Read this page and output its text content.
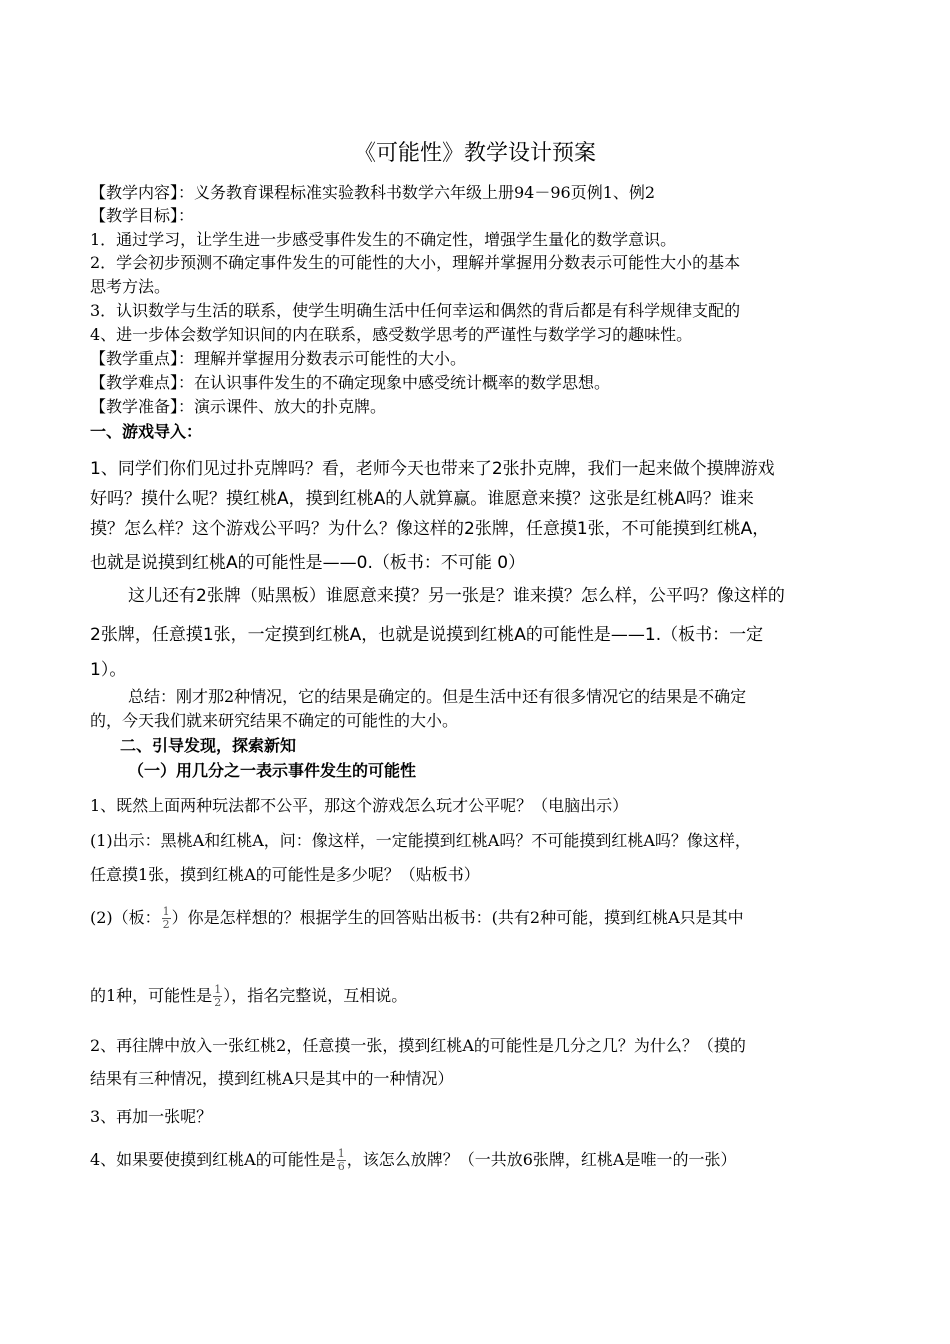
《可能性》教学设计预案
【教学内容】：义务教育课程标准实验教科书数学六年级上册94－96页例1、例2
【教学目标】：
1．通过学习，让学生进一步感受事件发生的不确定性，增强学生量化的数学意识。
2．学会初步预测不确定事件发生的可能性的大小，理解并掌握用分数表示可能性大小的基本
思考方法。
3．认识数学与生活的联系，使学生明确生活中任何幸运和偶然的背后都是有科学规律支配的
4、进一步体会数学知识间的内在联系，感受数学思考的严谨性与数学学习的趣味性。
【教学重点】：理解并掌握用分数表示可能性的大小。
【教学难点】：在认识事件发生的不确定现象中感受统计概率的数学思想。
【教学准备】：演示课件、放大的扑克牌。
一、游戏导入：
1、同学们你们见过扑克牌吗？看，老师今天也带来了2张扑克牌，我们一起来做个摸牌游戏
好吗？摸什么呢？摸红桃A，摸到红桃A的人就算赢。谁愿意来摸？这张是红桃A吗？谁来
摸？怎么样？这个游戏公平吗？为什么？像这样的2张牌，任意摸1张，不可能摸到红桃A，
也就是说摸到红桃A的可能性是——0.（板书：不可能 0）
这儿还有2张牌（贴黑板）谁愿意来摸？另一张是？谁来摸？怎么样，公平吗？像这样的
2张牌，任意摸1张，一定摸到红桃A，也就是说摸到红桃A的可能性是——1.（板书：一定
1）。
总结：刚才那2种情况，它的结果是确定的。但是生活中还有很多情况它的结果是不确定
的，今天我们就来研究结果不确定的可能性的大小。
二、引导发现，探索新知
（一）用几分之一表示事件发生的可能性
1、既然上面两种玩法都不公平，那这个游戏怎么玩才公平呢？（电脑出示）
(1)出示：黑桃A和红桃A，问：像这样，一定能摸到红桃A吗？不可能摸到红桃A吗？像这样，
任意摸1张，摸到红桃A的可能性是多少呢？（贴板书）
(2)（板： $\frac{1}{2}$ ）你是怎样想的？根据学生的回答贴出板书：(共有2种可能，摸到红桃A只是其中
的1种，可能性是 $\frac{1}{2}$ ），指名完整说，互相说。
2、再往牌中放入一张红桃2，任意摸一张，摸到红桃A的可能性是几分之几？为什么？（摸的
结果有三种情况，摸到红桃A只是其中的一种情况）
3、再加一张呢？
4、如果要使摸到红桃A的可能性是 $\frac{1}{6}$ ，该怎么放牌？（一共放6张牌，红桃A是唯一的一张）
